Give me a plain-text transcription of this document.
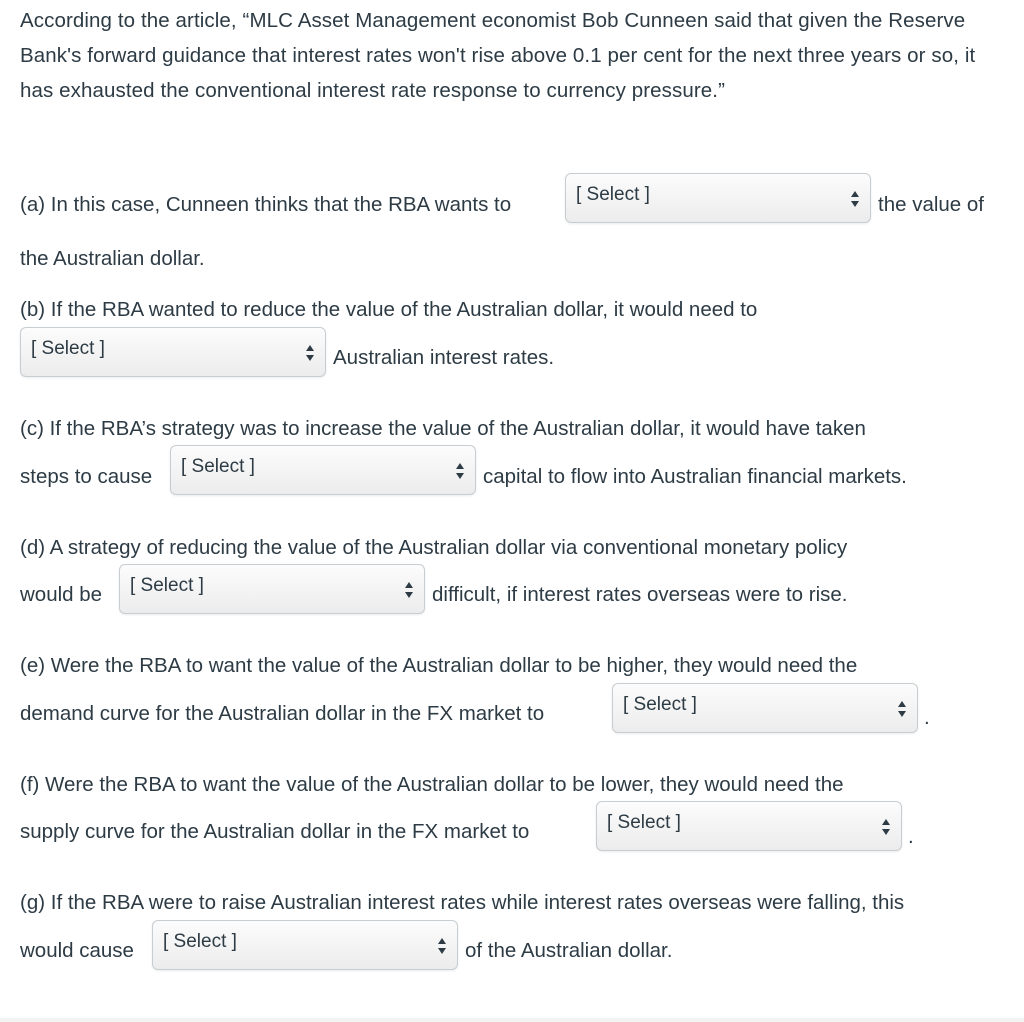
According to the article, “MLC Asset Management economist Bob Cunneen said that given the Reserve Bank's forward guidance that interest rates won't rise above 0.1 per cent for the next three years or so, it has exhausted the conventional interest rate response to currency pressure.”
(a) In this case, Cunneen thinks that the RBA wants to	[ Select ]	the value of
the Australian dollar.
(b) If the RBA wanted to reduce the value of the Australian dollar, it would need to
[ Select ]	Australian interest rates.
(c) If the RBA’s strategy was to increase the value of the Australian dollar, it would have taken
steps to cause [ Select ]	capital to flow into Australian financial markets.
(d) A strategy of reducing the value of the Australian dollar via conventional monetary policy
would be [ Select ]	difficult, if interest rates overseas were to rise.
(e) Were the RBA to want the value of the Australian dollar to be higher, they would need the
demand curve for the Australian dollar in the FX market to	[ Select ]
.
(f) Were the RBA to want the value of the Australian dollar to be lower, they would need the
supply curve for the Australian dollar in the FX market to	[ Select ]
.
(g) If the RBA were to raise Australian interest rates while interest rates overseas were falling, this
would cause [ Select ]	of the Australian dollar.
